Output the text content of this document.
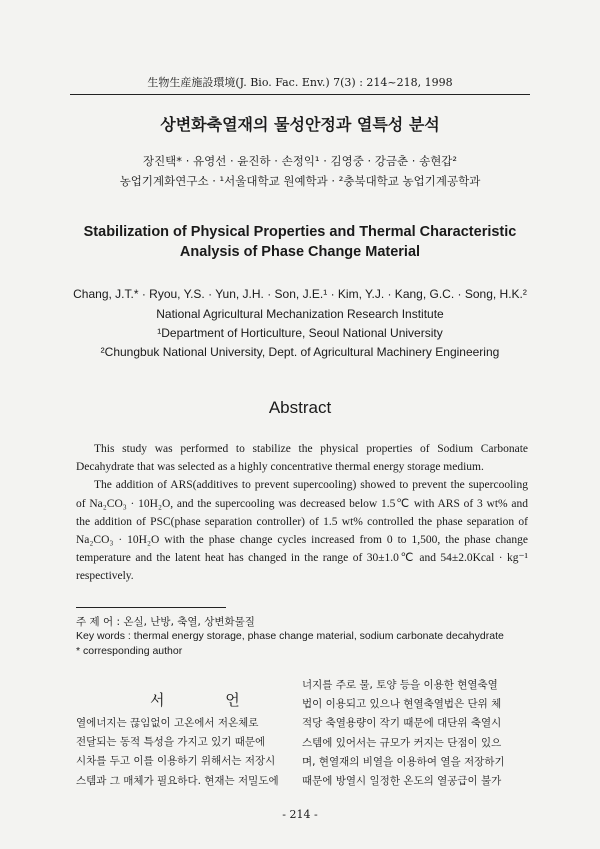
生物生産施設環境(J. Bio. Fac. Env.) 7(3) : 214~218, 1998
상변화축열재의 물성안정과 열특성 분석
장진택* · 유영선 · 윤진하 · 손정익¹ · 김영중 · 강금춘 · 송현갑²
농업기계화연구소 · ¹서울대학교 원예학과 · ²충북대학교 농업기계공학과
Stabilization of Physical Properties and Thermal Characteristic
Analysis of Phase Change Material
Chang, J.T.* · Ryou, Y.S. · Yun, J.H. · Son, J.E.¹ · Kim, Y.J. · Kang, G.C. · Song, H.K.²
National Agricultural Mechanization Research Institute
¹Department of Horticulture, Seoul National University
²Chungbuk National University, Dept. of Agricultural Machinery Engineering
Abstract

This study was performed to stabilize the physical properties of Sodium Carbonate Decahydrate that was selected as a highly concentrative thermal energy storage medium.

The addition of ARS(additives to prevent supercooling) showed to prevent the supercooling of Na₂CO₃ · 10H₂O, and the supercooling was decreased below 1.5℃ with ARS of 3 wt% and the addition of PSC(phase separation controller) of 1.5 wt% controlled the phase separation of Na₂CO₃ · 10H₂O with the phase change cycles increased from 0 to 1,500, the phase change temperature and the latent heat has changed in the range of 30±1.0℃ and 54±2.0Kcal · kg⁻¹ respectively.

주 제 어 : 온실, 난방, 축열, 상변화물질
Key words : thermal energy storage, phase change material, sodium carbonate decahydrate
* corresponding author
서 언
열에너지는 끊임없이 고온에서 저온체로
전달되는 동적 특성을 가지고 있기 때문에
시차를 두고 이를 이용하기 위해서는 저장시
스템과 그 매체가 필요하다. 현재는 저밀도에
너지를 주로 물, 토양 등을 이용한 현열축열
법이 이용되고 있으나 현열축열법은 단위 체
적당 축열용량이 작기 때문에 대단위 축열시
스템에 있어서는 규모가 커지는 단점이 있으
며, 현열재의 비열을 이용하여 열을 저장하기
때문에 방열시 일정한 온도의 열공급이 불가
- 214 -
